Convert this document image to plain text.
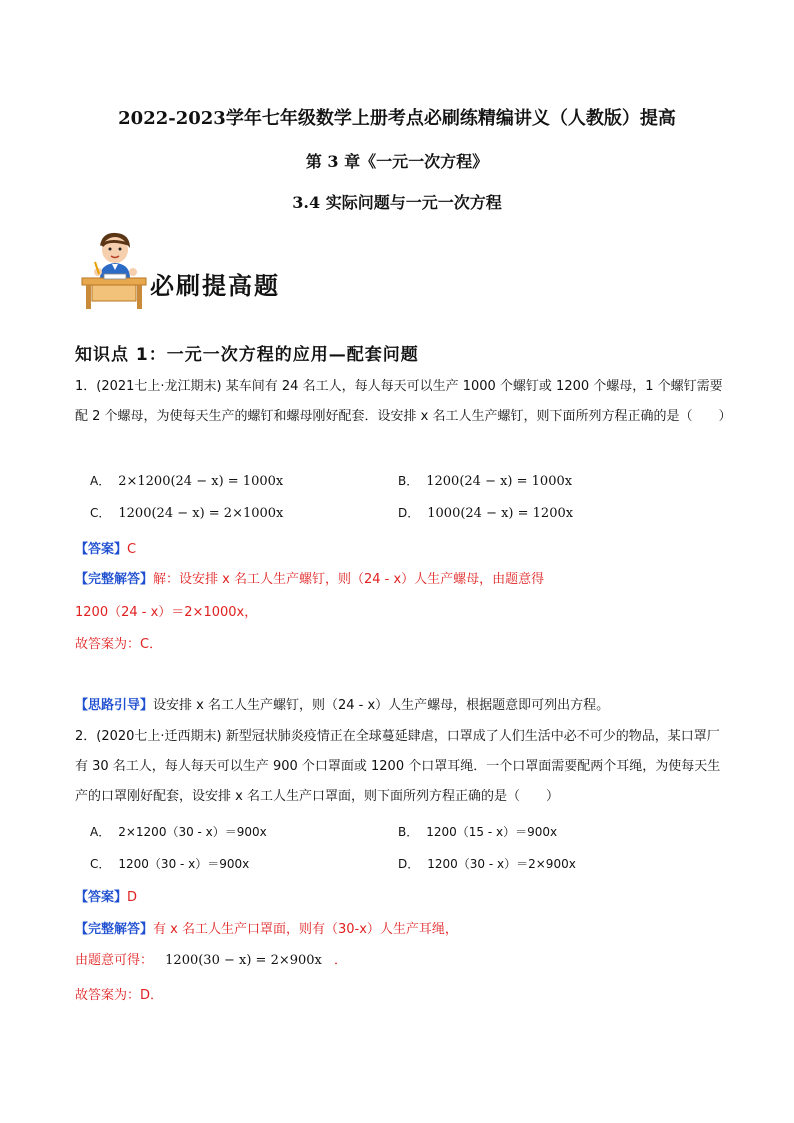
2022-2023学年七年级数学上册考点必刷练精编讲义（人教版）提高
第 3 章《一元一次方程》
3.4 实际问题与一元一次方程
必刷提高题
知识点 1：一元一次方程的应用—配套问题
1．(2021七上·龙江期末) 某车间有 24 名工人，每人每天可以生产 1000 个螺钉或 1200 个螺母，1 个螺钉需要配 2 个螺母，为使每天生产的螺钉和螺母刚好配套．设安排 x 名工人生产螺钉，则下面所列方程正确的是（　　）
A． 2×1200(24 − x) = 1000x	B． 1200(24 − x) = 1000x
C． 1200(24 − x) = 2×1000x	D． 1000(24 − x) = 1200x
【答案】C
【完整解答】解：设安排 x 名工人生产螺钉，则（24 - x）人生产螺母，由题意得
1200（24 - x）＝2×1000x，
故答案为：C．
【思路引导】设安排 x 名工人生产螺钉，则（24 - x）人生产螺母，根据题意即可列出方程。
2．(2020七上·迁西期末) 新型冠状肺炎疫情正在全球蔓延肆虐，口罩成了人们生活中必不可少的物品，某口罩厂有 30 名工人，每人每天可以生产 900 个口罩面或 1200 个口罩耳绳．一个口罩面需要配两个耳绳，为使每天生产的口罩刚好配套，设安排 x 名工人生产口罩面，则下面所列方程正确的是（　　）
A． 2×1200（30 - x）＝900x	B． 1200（15 - x）＝900x
C． 1200（30 - x）＝900x	D． 1200（30 - x）＝2×900x
【答案】D
【完整解答】有 x 名工人生产口罩面，则有（30-x）人生产耳绳，
由题意可得： 1200(30 − x) = 2×900x ．
故答案为：D．
